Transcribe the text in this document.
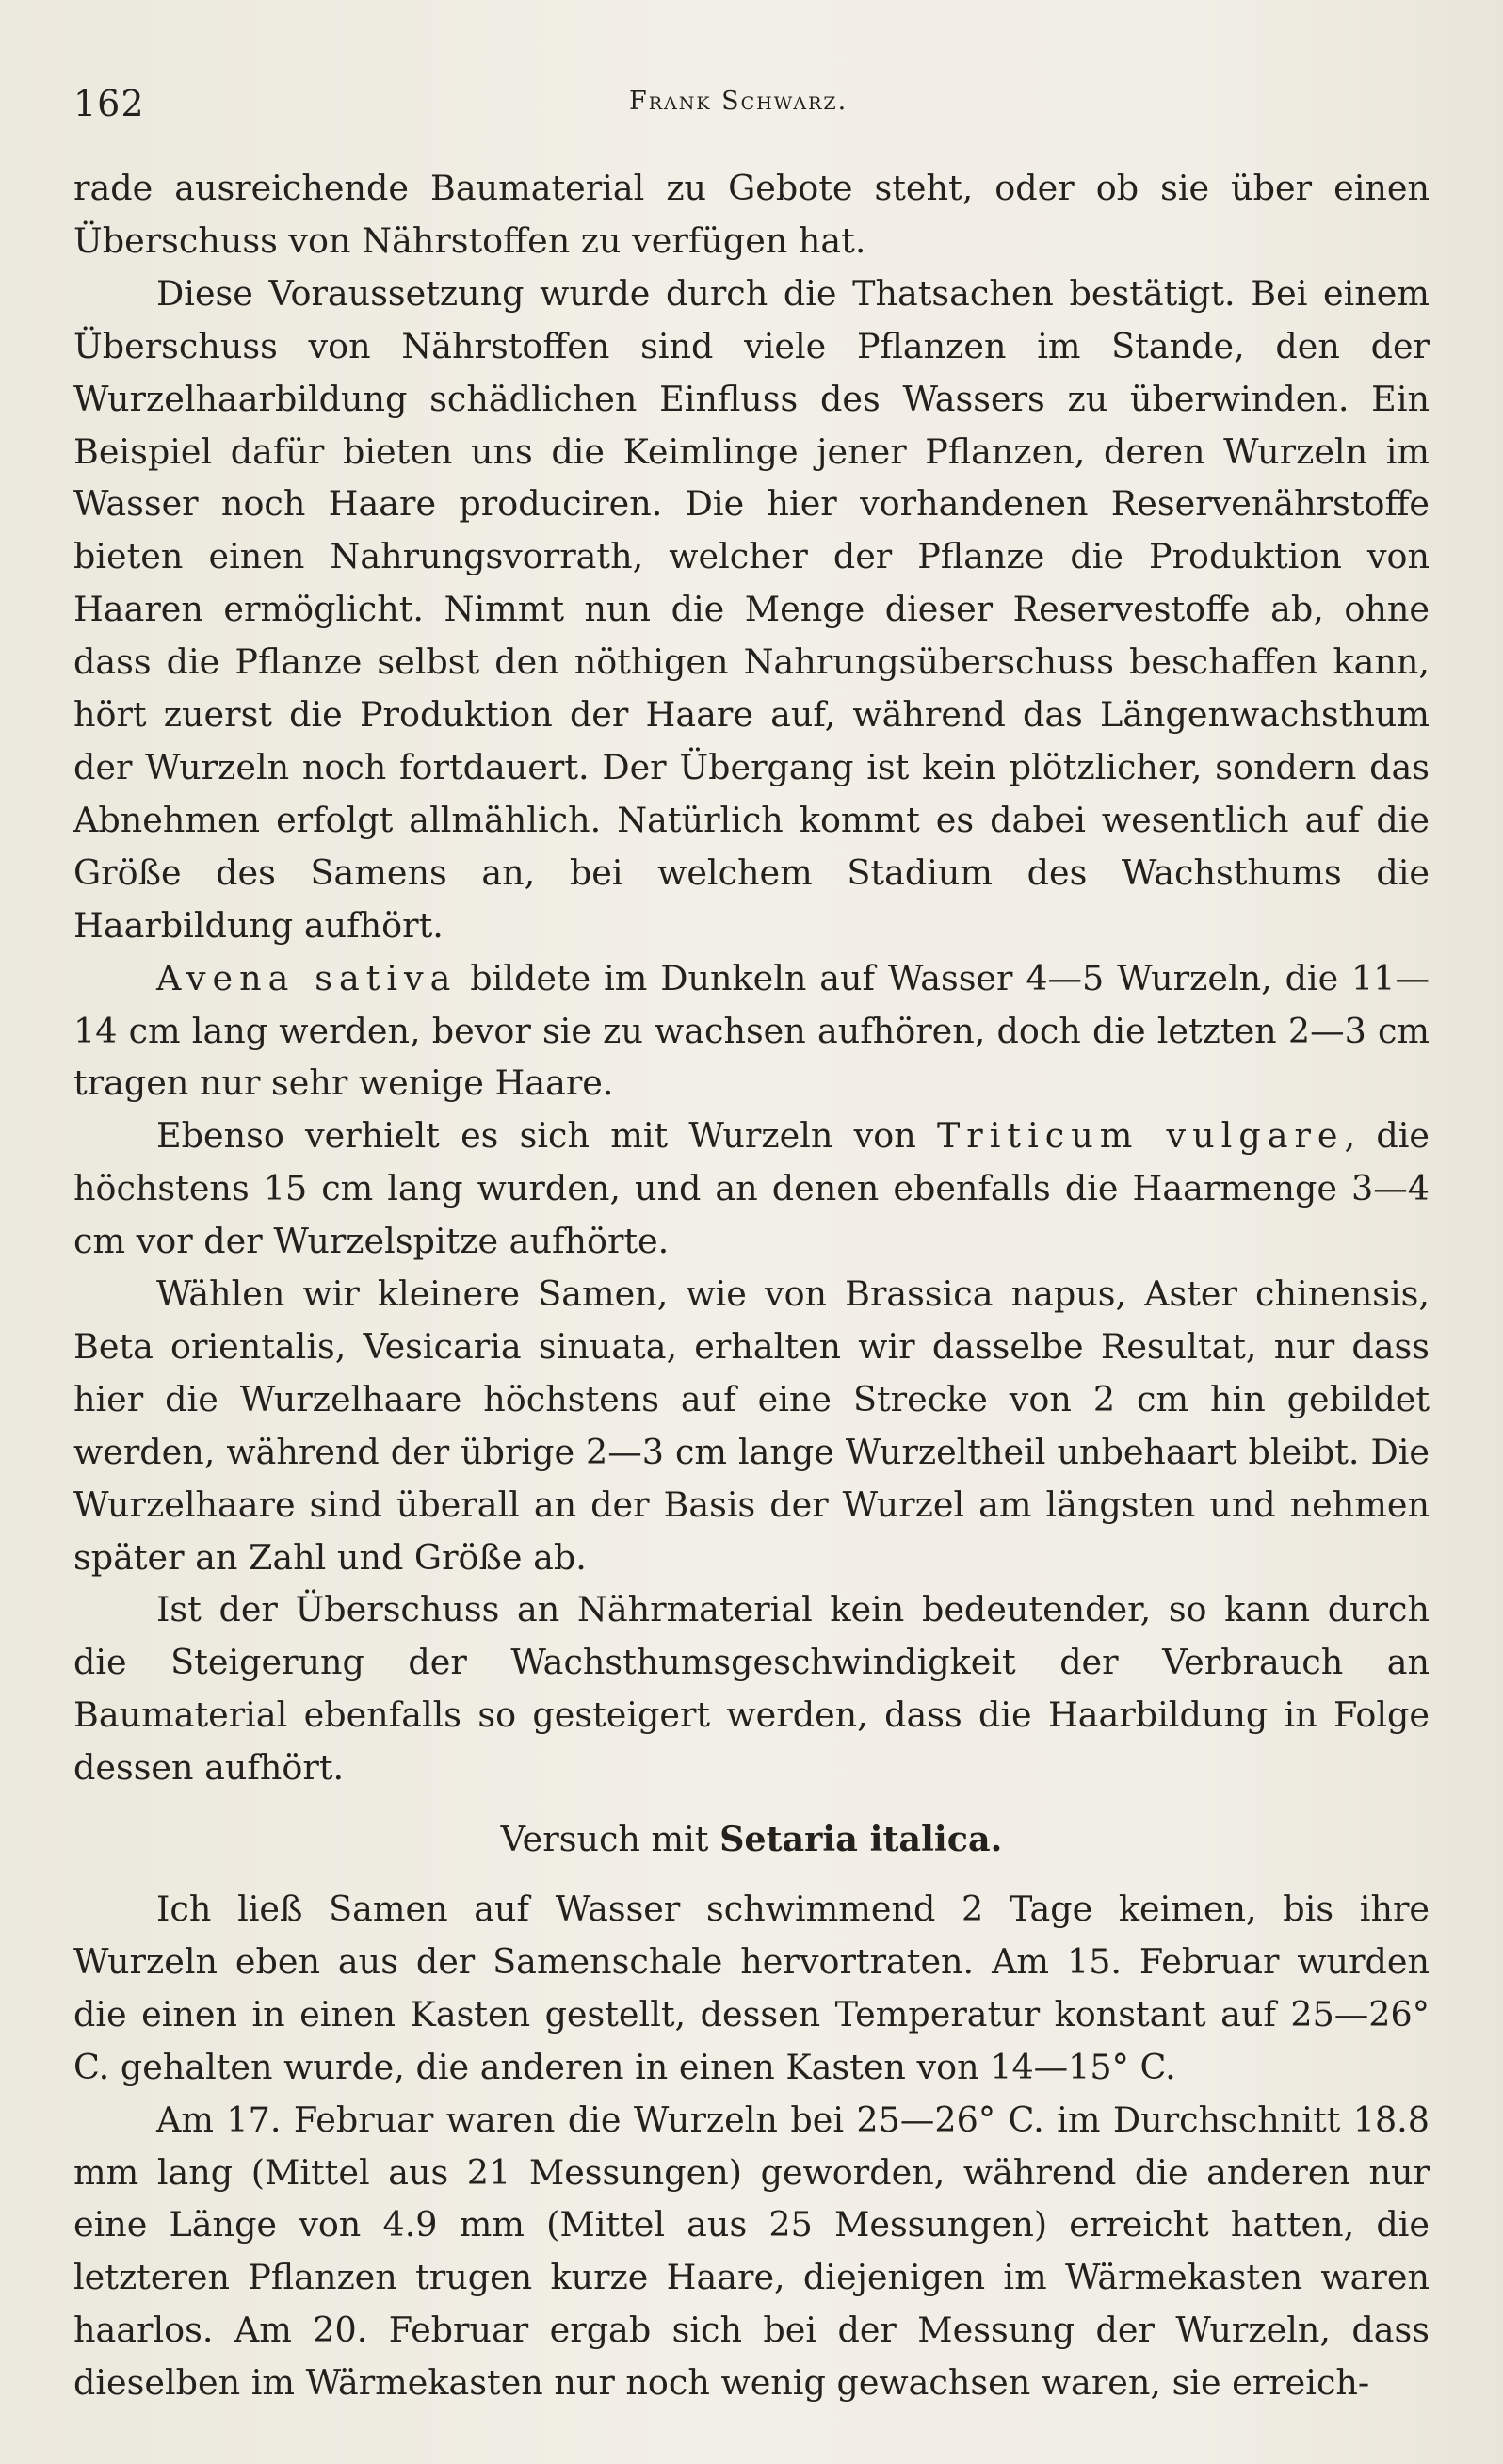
162	Frank Schwarz.

rade ausreichende Baumaterial zu Gebote steht, oder ob sie über einen Überschuss von Nährstoffen zu verfügen hat.

Diese Voraussetzung wurde durch die Thatsachen bestätigt. Bei einem Überschuss von Nährstoffen sind viele Pflanzen im Stande, den der Wurzelhaarbildung schädlichen Einfluss des Wassers zu überwinden. Ein Beispiel dafür bieten uns die Keimlinge jener Pflanzen, deren Wurzeln im Wasser noch Haare produciren. Die hier vorhandenen Reservenährstoffe bieten einen Nahrungsvorrath, welcher der Pflanze die Produktion von Haaren ermöglicht. Nimmt nun die Menge dieser Reservestoffe ab, ohne dass die Pflanze selbst den nöthigen Nahrungsüberschuss beschaffen kann, hört zuerst die Produktion der Haare auf, während das Längenwachsthum der Wurzeln noch fortdauert. Der Übergang ist kein plötzlicher, sondern das Abnehmen erfolgt allmählich. Natürlich kommt es dabei wesentlich auf die Größe des Samens an, bei welchem Stadium des Wachsthums die Haarbildung aufhört.

Avena sativa bildete im Dunkeln auf Wasser 4—5 Wurzeln, die 11—14 cm lang werden, bevor sie zu wachsen aufhören, doch die letzten 2—3 cm tragen nur sehr wenige Haare.

Ebenso verhielt es sich mit Wurzeln von Triticum vulgare, die höchstens 15 cm lang wurden, und an denen ebenfalls die Haarmenge 3—4 cm vor der Wurzelspitze aufhörte.

Wählen wir kleinere Samen, wie von Brassica napus, Aster chinensis, Beta orientalis, Vesicaria sinuata, erhalten wir dasselbe Resultat, nur dass hier die Wurzelhaare höchstens auf eine Strecke von 2 cm hin gebildet werden, während der übrige 2—3 cm lange Wurzeltheil unbehaart bleibt. Die Wurzelhaare sind überall an der Basis der Wurzel am längsten und nehmen später an Zahl und Größe ab.

Ist der Überschuss an Nährmaterial kein bedeutender, so kann durch die Steigerung der Wachsthumsgeschwindigkeit der Verbrauch an Baumaterial ebenfalls so gesteigert werden, dass die Haarbildung in Folge dessen aufhört.

Versuch mit Setaria italica.

Ich ließ Samen auf Wasser schwimmend 2 Tage keimen, bis ihre Wurzeln eben aus der Samenschale hervortraten. Am 15. Februar wurden die einen in einen Kasten gestellt, dessen Temperatur konstant auf 25—26° C. gehalten wurde, die anderen in einen Kasten von 14—15° C.

Am 17. Februar waren die Wurzeln bei 25—26° C. im Durchschnitt 18.8 mm lang (Mittel aus 21 Messungen) geworden, während die anderen nur eine Länge von 4.9 mm (Mittel aus 25 Messungen) erreicht hatten, die letzteren Pflanzen trugen kurze Haare, diejenigen im Wärmekasten waren haarlos. Am 20. Februar ergab sich bei der Messung der Wurzeln, dass dieselben im Wärmekasten nur noch wenig gewachsen waren, sie erreich-
